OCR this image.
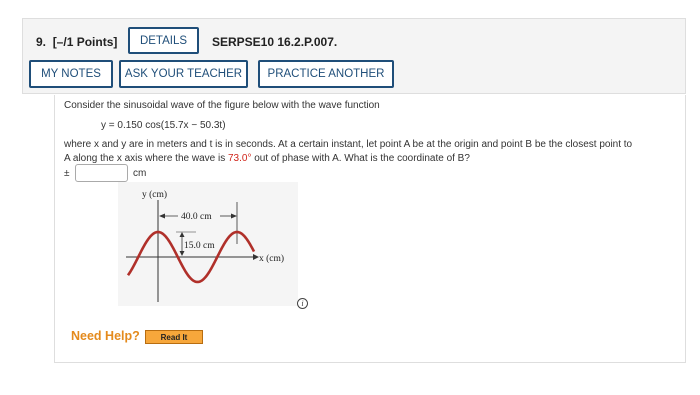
9. [–/1 Points]	DETAILS	SERPSE10 16.2.P.007.
MY NOTES	ASK YOUR TEACHER	PRACTICE ANOTHER
Consider the sinusoidal wave of the figure below with the wave function
y = 0.150 cos(15.7x − 50.3t)
where x and y are in meters and t is in seconds. At a certain instant, let point A be at the origin and point B be the closest point to
A along the x axis where the wave is 73.0° out of phase with A. What is the coordinate of B?
±	cm
y (cm)
x (cm)
40.0 cm
15.0 cm
i
Need Help?	Read It
